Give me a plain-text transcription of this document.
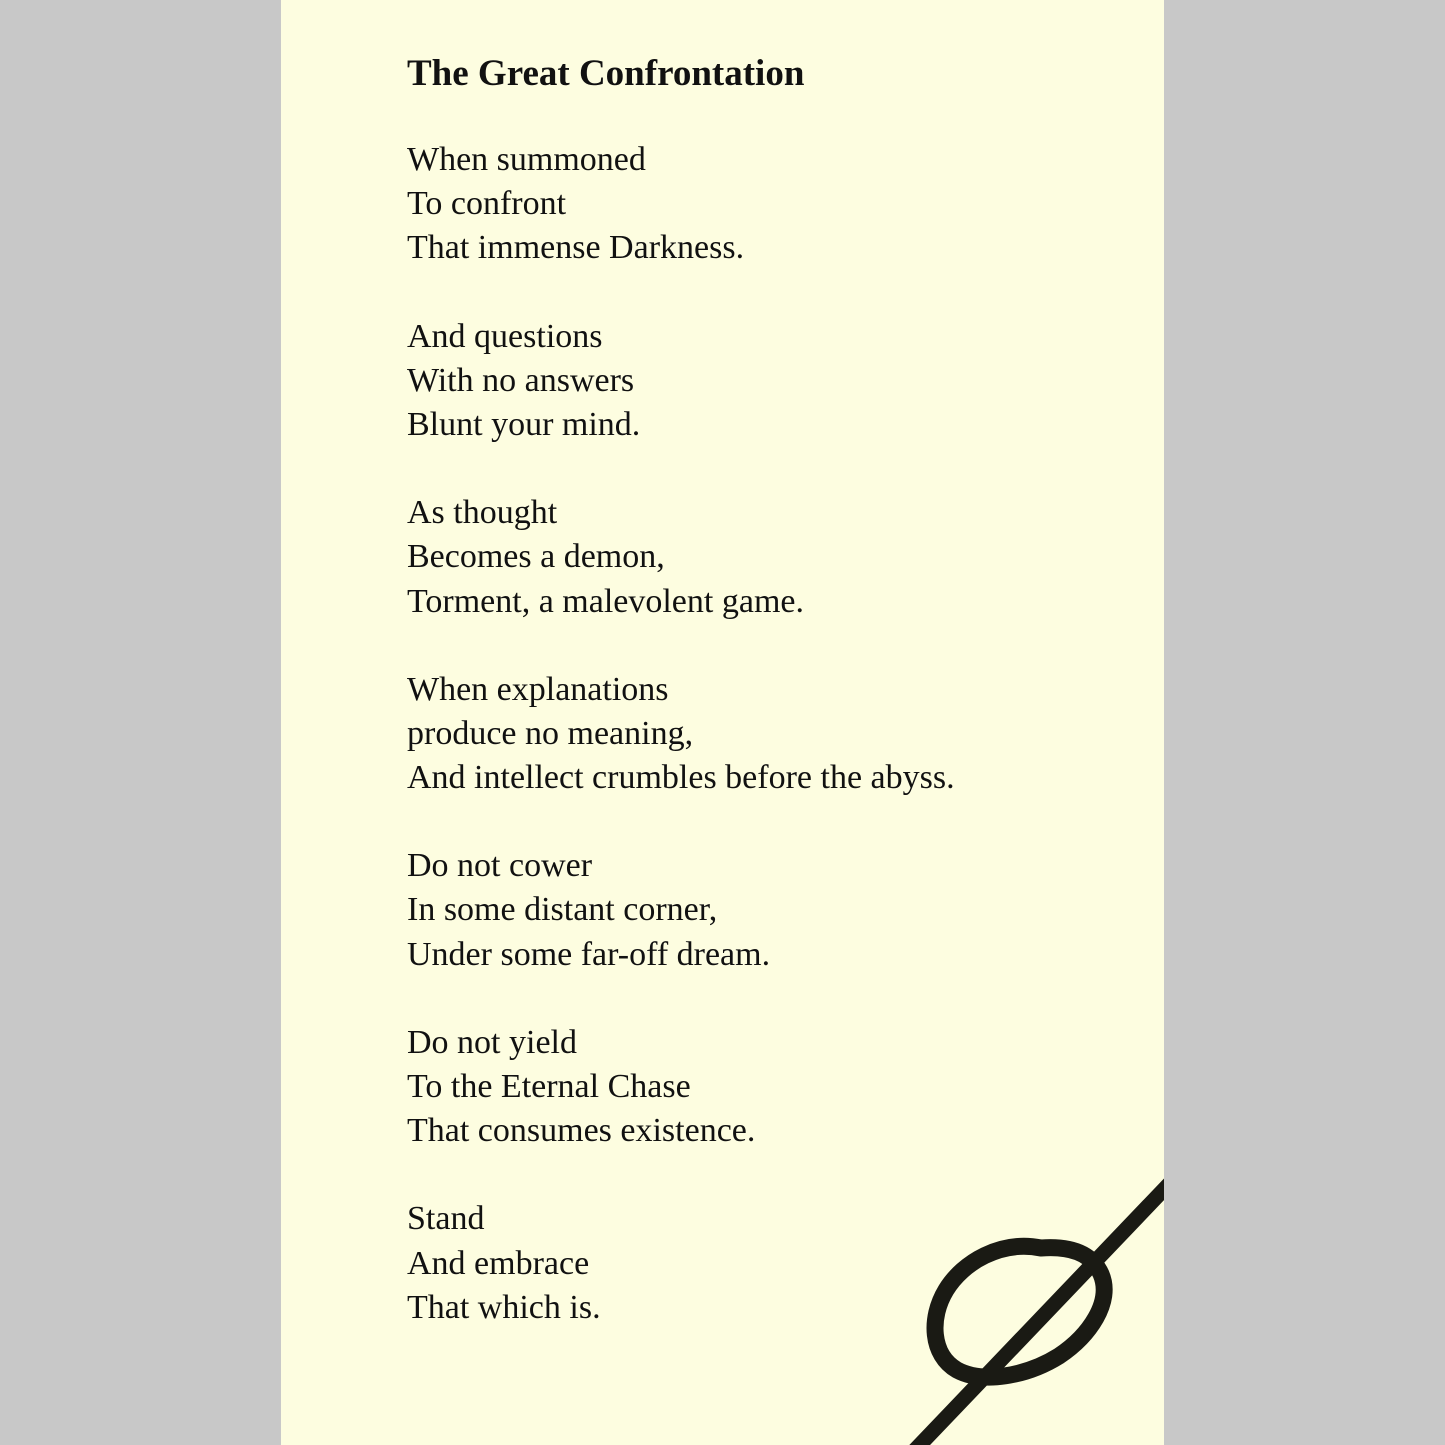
The Great Confrontation
When summoned
To confront
That immense Darkness.
And questions
With no answers
Blunt your mind.
As thought
Becomes a demon,
Torment, a malevolent game.
When explanations
produce no meaning,
And intellect crumbles before the abyss.
Do not cower
In some distant corner,
Under some far-off dream.
Do not yield
To the Eternal Chase
That consumes existence.
Stand
And embrace
That which is.
